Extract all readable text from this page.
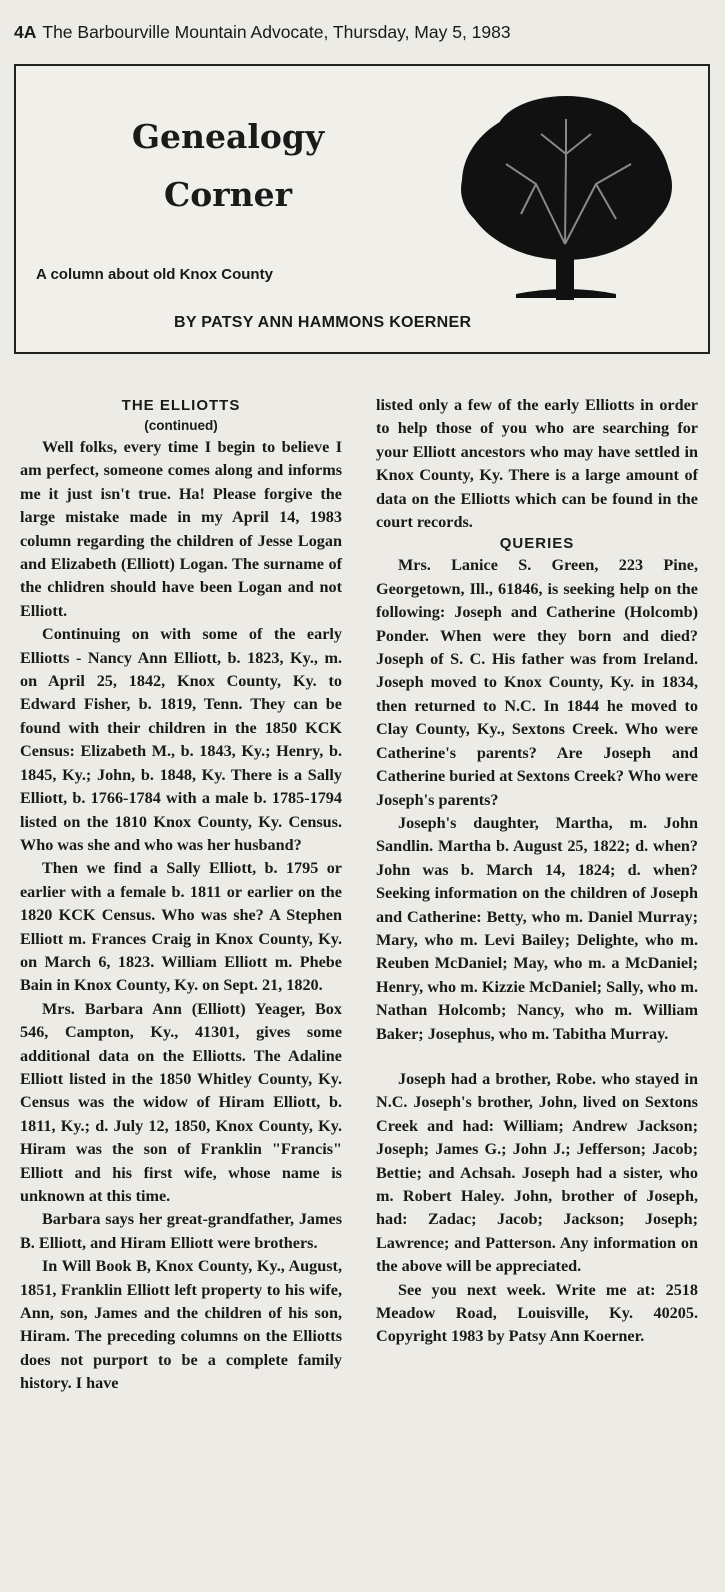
4A The Barbourville Mountain Advocate, Thursday, May 5, 1983
Genealogy
Corner
A column about old Knox County
BY PATSY ANN HAMMONS KOERNER
THE ELLIOTTS
(continued)

Well folks, every time I begin to believe I am perfect, someone comes along and informs me it just isn't true. Ha! Please forgive the large mistake made in my April 14, 1983 column regarding the children of Jesse Logan and Elizabeth (Elliott) Logan. The surname of the chlidren should have been Logan and not Elliott.

Continuing on with some of the early Elliotts - Nancy Ann Elliott, b. 1823, Ky., m. on April 25, 1842, Knox County, Ky. to Edward Fisher, b. 1819, Tenn. They can be found with their children in the 1850 KCK Census: Elizabeth M., b. 1843, Ky.; Henry, b. 1845, Ky.; John, b. 1848, Ky. There is a Sally Elliott, b. 1766-1784 with a male b. 1785-1794 listed on the 1810 Knox County, Ky. Census. Who was she and who was her husband?

Then we find a Sally Elliott, b. 1795 or earlier with a female b. 1811 or earlier on the 1820 KCK Census. Who was she? A Stephen Elliott m. Frances Craig in Knox County, Ky. on March 6, 1823. William Elliott m. Phebe Bain in Knox County, Ky. on Sept. 21, 1820.

Mrs. Barbara Ann (Elliott) Yeager, Box 546, Campton, Ky., 41301, gives some additional data on the Elliotts. The Adaline Elliott listed in the 1850 Whitley County, Ky. Census was the widow of Hiram Elliott, b. 1811, Ky.; d. July 12, 1850, Knox County, Ky. Hiram was the son of Franklin "Francis" Elliott and his first wife, whose name is unknown at this time.

Barbara says her great-grandfather, James B. Elliott, and Hiram Elliott were brothers.

In Will Book B, Knox County, Ky., August, 1851, Franklin Elliott left property to his wife, Ann, son, James and the children of his son, Hiram. The preceding columns on the Elliotts does not purport to be a complete family history. I have

listed only a few of the early Elliotts in order to help those of you who are searching for your Elliott ancestors who may have settled in Knox County, Ky. There is a large amount of data on the Elliotts which can be found in the court records.

QUERIES

Mrs. Lanice S. Green, 223 Pine, Georgetown, Ill., 61846, is seeking help on the following: Joseph and Catherine (Holcomb) Ponder. When were they born and died? Joseph of S. C. His father was from Ireland. Joseph moved to Knox County, Ky. in 1834, then returned to N.C. In 1844 he moved to Clay County, Ky., Sextons Creek. Who were Catherine's parents? Are Joseph and Catherine buried at Sextons Creek? Who were Joseph's parents?

Joseph's daughter, Martha, m. John Sandlin. Martha b. August 25, 1822; d. when? John was b. March 14, 1824; d. when? Seeking information on the children of Joseph and Catherine: Betty, who m. Daniel Murray; Mary, who m. Levi Bailey; Delighte, who m. Reuben McDaniel; May, who m. a McDaniel; Henry, who m. Kizzie McDaniel; Sally, who m. Nathan Holcomb; Nancy, who m. William Baker; Josephus, who m. Tabitha Murray.

Joseph had a brother, Robe. who stayed in N.C. Joseph's brother, John, lived on Sextons Creek and had: William; Andrew Jackson; Joseph; James G.; John J.; Jefferson; Jacob; Bettie; and Achsah. Joseph had a sister, who m. Robert Haley. John, brother of Joseph, had: Zadac; Jacob; Jackson; Joseph; Lawrence; and Patterson. Any information on the above will be appreciated.

See you next week. Write me at: 2518 Meadow Road, Louisville, Ky. 40205. Copyright 1983 by Patsy Ann Koerner.
